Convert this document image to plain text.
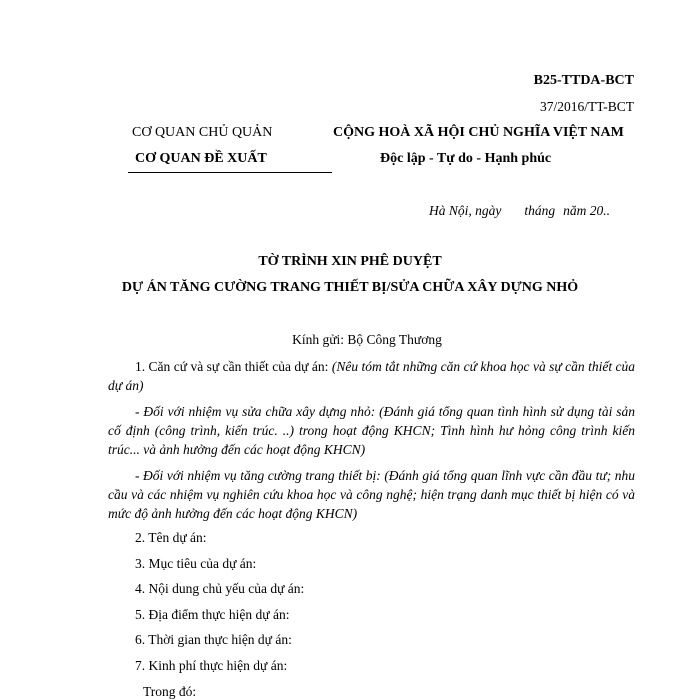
B25-TTDA-BCT
37/2016/TT-BCT
CƠ QUAN CHỦ QUẢN
CƠ QUAN ĐỀ XUẤT
CỘNG HOÀ XÃ HỘI CHỦ NGHĨA VIỆT NAM
Độc lập - Tự do - Hạnh phúc
Hà Nội, ngày tháng năm 20..
TỜ TRÌNH XIN PHÊ DUYỆT
DỰ ÁN TĂNG CƯỜNG TRANG THIẾT BỊ/SỬA CHỮA XÂY DỰNG NHỎ
Kính gửi: Bộ Công Thương
1. Căn cứ và sự cần thiết của dự án: (Nêu tóm tắt những căn cứ khoa học và sự cần thiết của dự án)
- Đối với nhiệm vụ sửa chữa xây dựng nhỏ: (Đánh giá tổng quan tình hình sử dụng tài sản cố định (công trình, kiến trúc. ..) trong hoạt động KHCN; Tình hình hư hỏng công trình kiến trúc... và ảnh hưởng đến các hoạt động KHCN)
- Đối với nhiệm vụ tăng cường trang thiết bị: (Đánh giá tổng quan lĩnh vực cần đầu tư; nhu cầu và các nhiệm vụ nghiên cứu khoa học và công nghệ; hiện trạng danh mục thiết bị hiện có và mức độ ảnh hưởng đến các hoạt động KHCN)
2. Tên dự án:
3. Mục tiêu của dự án:
4. Nội dung chủ yếu của dự án:
5. Địa điểm thực hiện dự án:
6. Thời gian thực hiện dự án:
7. Kinh phí thực hiện dự án:
Trong đó:
